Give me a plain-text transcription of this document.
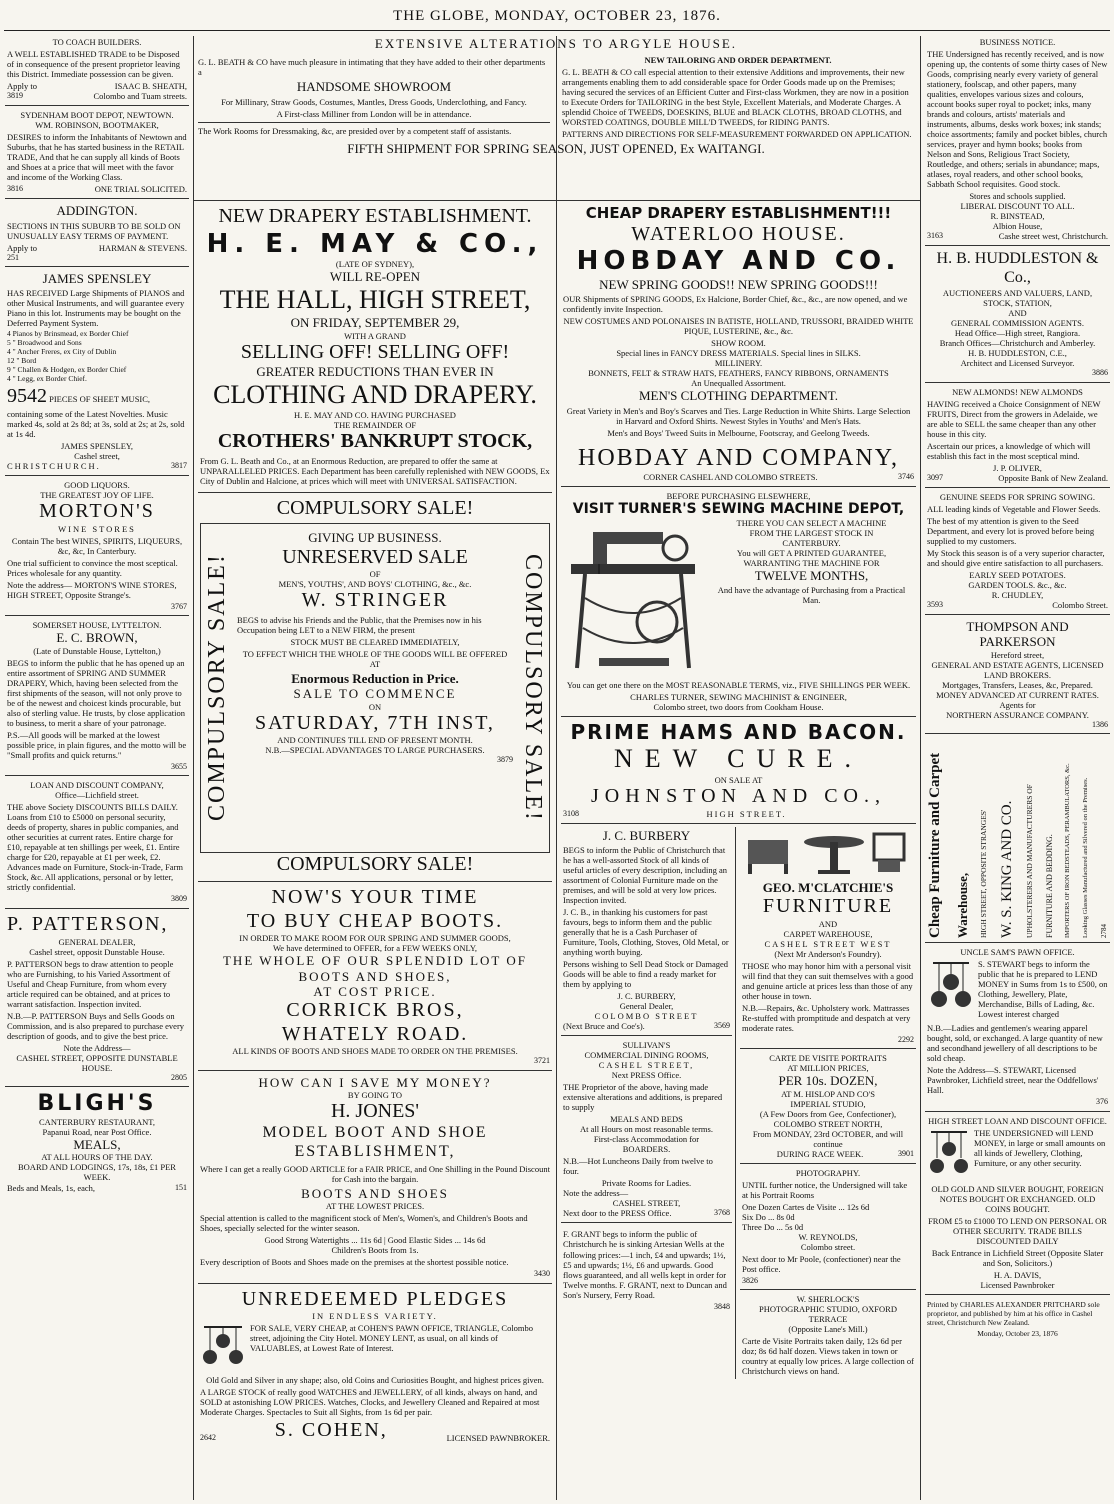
THE GLOBE, MONDAY, OCTOBER 23, 1876.
TO COACH BUILDERS.

A WELL ESTABLISHED TRADE to be Disposed of in consequence of the present proprietor leaving this District. Immediate possession can be given.

Apply to	ISAAC B. SHEATH,
3819	Colombo and Tuam streets.
SYDENHAM BOOT DEPOT, NEWTOWN.
WM. ROBINSON, BOOTMAKER,

DESIRES to inform the Inhabitants of Newtown and Suburbs, that he has started business in the RETAIL TRADE, And that he can supply all kinds of Boots and Shoes at a price that will meet with the favor and income of the Working Class.

3816	ONE TRIAL SOLICITED.
ADDINGTON.

SECTIONS IN THIS SUBURB TO BE SOLD ON UNUSUALLY EASY TERMS OF PAYMENT.

Apply to	HARMAN & STEVENS.
251
JAMES SPENSLEY

HAS RECEIVED Large Shipments of PIANOS and other Musical Instruments, and will guarantee every Piano in this lot. Instruments may be bought on the Deferred Payment System.

4 Pianos by Brinsmead, ex Border Chief
5 " Broadwood and Sons
4 " Ancher Freres, ex City of Dublin
12 " Bord
9 " Challen & Hodgen, ex Border Chief
4 " Legg, ex Border Chief.

9542 PIECES OF SHEET MUSIC, containing some of the Latest Novelties. Music marked 4s, sold at 2s 8d; at 3s, sold at 2s; at 2s, sold at 1s 4d.

JAMES SPENSLEY,
Cashel street,
CHRISTCHURCH.	3817
GOOD LIQUORS.
THE GREATEST JOY OF LIFE.
MORTON'S
WINE STORES

Contain The best WINES, SPIRITS, LIQUEURS, &c, &c, In Canterbury.

One trial sufficient to convince the most sceptical. Prices wholesale for any quantity.

Note the address— MORTON'S WINE STORES, HIGH STREET, Opposite Strange's.

3767
SOMERSET HOUSE, LYTTELTON.
E. C. BROWN,
(Late of Dunstable House, Lyttelton,)

BEGS to inform the public that he has opened up an entire assortment of SPRING AND SUMMER DRAPERY, Which, having been selected from the first shipments of the season, will not only prove to be of the newest and choicest kinds procurable, but also of sterling value. He trusts, by close application to business, to merit a share of your patronage.

P.S.—All goods will be marked at the lowest possible price, in plain figures, and the motto will be "Small profits and quick returns."

3655
LOAN AND DISCOUNT COMPANY,
Office—Lichfield street.

THE above Society DISCOUNTS BILLS DAILY. Loans from £10 to £5000 on personal security, deeds of property, shares in public companies, and other securities at current rates. Entire charge for £10, repayable at ten shillings per week, £1. Entire charge for £20, repayable at £1 per week, £2. Advances made on Furniture, Stock-in-Trade, Farm Stock, &c. All applications, personal or by letter, strictly confidential.

3809
P. PATTERSON,
GENERAL DEALER,
Cashel street, opposit Dunstable House.

P. PATTERSON begs to draw attention to people who are Furnishing, to his Varied Assortment of Useful and Cheap Furniture, from whom every article required can be obtained, and at prices to warrant satisfaction. Inspection invited.

N.B.—P. PATTERSON Buys and Sells Goods on Commission, and is also prepared to purchase every description of goods, and to give the best price.

Note the Address—
CASHEL STREET, OPPOSITE DUNSTABLE HOUSE.
2805
BLIGH'S
CANTERBURY RESTAURANT,
Papanui Road, near Post Office.
MEALS,
AT ALL HOURS OF THE DAY.
BOARD AND LODGINGS, 17s, 18s, £1 PER WEEK.
Beds and Meals, 1s, each,	151
EXTENSIVE ALTERATIONS TO ARGYLE HOUSE.

G. L. BEATH & CO have much pleasure in intimating that they have added to their other departments a

HANDSOME SHOWROOM

For Millinary, Straw Goods, Costumes, Mantles, Dress Goods, Underclothing, and Fancy.

A First-class Milliner from London will be in attendance.

The Work Rooms for Dressmaking, &c, are presided over by a competent staff of assistants.

NEW TAILORING AND ORDER DEPARTMENT.

G. L. BEATH & CO call especial attention to their extensive Additions and improvements, their new arrangements enabling them to add considerable space for Order Goods made up on the Premises; having secured the services of an Efficient Cutter and First-class Workmen, they are now in a position to Execute Orders for TAILORING in the best Style, Excellent Materials, and Moderate Charges. A splendid Choice of TWEEDS, DOESKINS, BLUE and BLACK CLOTHS, BROAD CLOTHS, and WORSTED COATINGS, DOUBLE MILL'D TWEEDS, for RIDING PANTS.

PATTERNS AND DIRECTIONS FOR SELF-MEASUREMENT FORWARDED ON APPLICATION.

FIFTH SHIPMENT FOR SPRING SEASON, JUST OPENED, Ex WAITANGI.
NEW DRAPERY ESTABLISHMENT.
H. E. MAY & CO.,
(LATE OF SYDNEY),
WILL RE-OPEN
THE HALL, HIGH STREET,
ON FRIDAY, SEPTEMBER 29,
WITH A GRAND
SELLING OFF! SELLING OFF!
GREATER REDUCTIONS THAN EVER IN
CLOTHING AND DRAPERY.
H. E. MAY AND CO. HAVING PURCHASED
THE REMAINDER OF
CROTHERS' BANKRUPT STOCK,

From G. L. Beath and Co., at an Enormous Reduction, are prepared to offer the same at UNPARALLELED PRICES. Each Department has been carefully replenished with NEW GOODS, Ex City of Dublin and Halcione, at prices which will meet with UNIVERSAL SATISFACTION.

COMPULSORY SALE!
COMPULSORY SALE!	COMPULSORY SALE!
GIVING UP BUSINESS.
UNRESERVED SALE
OF
MEN'S, YOUTHS', AND BOYS' CLOTHING, &c., &c.
W. STRINGER

BEGS to advise his Friends and the Public, that the Premises now in his Occupation being LET to a NEW FIRM, the present

STOCK MUST BE CLEARED IMMEDIATELY,

TO EFFECT WHICH THE WHOLE OF THE GOODS WILL BE OFFERED AT

Enormous Reduction in Price.
SALE TO COMMENCE
ON
SATURDAY, 7TH INST,
AND CONTINUES TILL END OF PRESENT MONTH.
N.B.—SPECIAL ADVANTAGES TO LARGE PURCHASERS.
3879
COMPULSORY SALE!
NOW'S YOUR TIME
TO BUY CHEAP BOOTS.
IN ORDER TO MAKE ROOM FOR OUR SPRING AND SUMMER GOODS,
We have determined to OFFER, for a FEW WEEKS ONLY,
THE WHOLE OF OUR SPLENDID LOT OF
BOOTS AND SHOES,
AT COST PRICE.
CORRICK BROS,
WHATELY ROAD.
ALL KINDS OF BOOTS AND SHOES MADE TO ORDER ON THE PREMISES.
3721
HOW CAN I SAVE MY MONEY?
BY GOING TO
H. JONES'
MODEL BOOT AND SHOE ESTABLISHMENT,

Where I can get a really GOOD ARTICLE for a FAIR PRICE, and One Shilling in the Pound Discount for Cash into the bargain.

BOOTS AND SHOES
AT THE LOWEST PRICES.

Special attention is called to the magnificent stock of Men's, Women's, and Children's Boots and Shoes, specially selected for the winter season.

Good Strong Watertights ... 11s 6d | Good Elastic Sides ... 14s 6d
Children's Boots from 1s.

Every description of Boots and Shoes made on the premises at the shortest possible notice.

3430
UNREDEEMED PLEDGES
IN ENDLESS VARIETY.

FOR SALE, VERY CHEAP, at COHEN'S PAWN OFFICE, TRIANGLE, Colombo street, adjoining the City Hotel. MONEY LENT, as usual, on all kinds of VALUABLES, at Lowest Rate of Interest.

Old Gold and Silver in any shape; also, old Coins and Curiosities Bought, and highest prices given.

A LARGE STOCK of really good WATCHES and JEWELLERY, of all kinds, always on hand, and SOLD at astonishing LOW PRICES. Watches, Clocks, and Jewellery Cleaned and Repaired at most Moderate Charges. Spectacles to Suit all Sights, from 1s 6d per pair.

2642	S. COHEN,	LICENSED PAWNBROKER.
CHEAP DRAPERY ESTABLISHMENT!!!
WATERLOO HOUSE.
HOBDAY AND CO.
NEW SPRING GOODS!! NEW SPRING GOODS!!!

OUR Shipments of SPRING GOODS, Ex Halcione, Border Chief, &c., &c., are now opened, and we confidently invite Inspection.

NEW COSTUMES AND POLONAISES IN BATISTE, HOLLAND, TRUSSORI, BRAIDED WHITE PIQUE, LUSTERINE, &c., &c.

SHOW ROOM.
Special lines in FANCY DRESS MATERIALS. Special lines in SILKS.
MILLINERY.
BONNETS, FELT & STRAW HATS, FEATHERS, FANCY RIBBONS, ORNAMENTS
An Unequalled Assortment.
MEN'S CLOTHING DEPARTMENT.

Great Variety in Men's and Boy's Scarves and Ties. Large Reduction in White Shirts. Large Selection in Harvard and Oxford Shirts. Newest Styles in Youths' and Men's Hats.

Men's and Boys' Tweed Suits in Melbourne, Footscray, and Geelong Tweeds.
HOBDAY AND COMPANY,
CORNER CASHEL AND COLOMBO STREETS.	3746
BEFORE PURCHASING ELSEWHERE,
VISIT TURNER'S SEWING MACHINE DEPOT,
THERE YOU CAN SELECT A MACHINE
FROM THE LARGEST STOCK IN
CANTERBURY.
You will GET A PRINTED GUARANTEE,
WARRANTING THE MACHINE FOR
TWELVE MONTHS,

And have the advantage of Purchasing from a Practical Man.

You can get one there on the MOST REASONABLE TERMS, viz., FIVE SHILLINGS PER WEEK.

CHARLES TURNER, SEWING MACHINIST & ENGINEER,
Colombo street, two doors from Cookham House.
PRIME HAMS AND BACON.
NEW CURE.
ON SALE AT
JOHNSTON AND CO.,
3108	HIGH STREET.
J. C. BURBERY

BEGS to inform the Public of Christchurch that he has a well-assorted Stock of all kinds of useful articles of every description, including an assortment of Colonial Furniture made on the premises, and will be sold at very low prices. Inspection invited.

J. C. B., in thanking his customers for past favours, begs to inform them and the public generally that he is a Cash Purchaser of Furniture, Tools, Clothing, Stoves, Old Metal, or anything worth buying.

Persons wishing to Sell Dead Stock or Damaged Goods will be able to find a ready market for them by applying to

J. C. BURBERY,
General Dealer,
COLOMBO STREET
(Next Bruce and Coe's).	3569
SULLIVAN'S
COMMERCIAL DINING ROOMS,
CASHEL STREET,
Next PRESS Office.

THE Proprietor of the above, having made extensive alterations and additions, is prepared to supply

MEALS AND BEDS
At all Hours on most reasonable terms.
First-class Accommodation for
BOARDERS.

N.B.—Hot Luncheons Daily from twelve to four.

Private Rooms for Ladies.
Note the address—
CASHEL STREET,
Next door to the PRESS Office.	3768

F. GRANT begs to inform the public of Christchurch he is sinking Artesian Wells at the following prices:—1 inch, £4 and upwards; 1½, £5 and upwards; 1½, £6 and upwards. Good flows guaranteed, and all wells kept in order for Twelve months. F. GRANT, next to Duncan and Son's Nursery, Ferry Road.

3848
GEO. M'CLATCHIE'S
FURNITURE
AND
CARPET WAREHOUSE,
CASHEL STREET WEST
(Next Mr Anderson's Foundry).

THOSE who may honor him with a personal visit will find that they can suit themselves with a good and genuine article at prices less than those of any other house in town.

N.B.—Repairs, &c. Upholstery work. Mattrasses Re-stuffed with promptitude and despatch at very moderate rates.

2292
CARTE DE VISITE PORTRAITS
AT MILLION PRICES,
PER 10s. DOZEN,
AT M. HISLOP AND CO'S
IMPERIAL STUDIO,
(A Few Doors from Gee, Confectioner),
COLOMBO STREET NORTH,
From MONDAY, 23rd OCTOBER, and will continue
DURING RACE WEEK.	3901
PHOTOGRAPHY.

UNTIL further notice, the Undersigned will take at his Portrait Rooms

One Dozen Cartes de Visite ... 12s 6d
Six Do ... 8s 0d
Three Do ... 5s 0d
W. REYNOLDS,
Colombo street.

Next door to Mr Poole, (confectioner) near the Post office.

3826
W. SHERLOCK'S
PHOTOGRAPHIC STUDIO, OXFORD TERRACE
(Opposite Lane's Mill.)

Carte de Visite Portraits taken daily, 12s 6d per doz; 8s 6d half dozen. Views taken in town or country at equally low prices. A large collection of Christchurch views on hand.

BUSINESS NOTICE.

THE Undersigned has recently received, and is now opening up, the contents of some thirty cases of New Goods, comprising nearly every variety of general stationery, foolscap, and other papers, many qualities, envelopes various sizes and colours, account books super royal to pocket; inks, many brands and colours, artists' materials and instruments, albums, desks work boxes; ink stands; choice assortments; family and pocket bibles, church services, prayer and hymn books; books from Nelson and Sons, Religious Tract Society, Routledge, and others; serials in abundance; maps, atlases, royal readers, and other school books, Sabbath School requisites. Good stock.

Stores and schools supplied.
LIBERAL DISCOUNT TO ALL.
R. BINSTEAD,
Albion House,
3163	Cashe street west, Christchurch.
H. B. HUDDLESTON & Co.,
AUCTIONEERS AND VALUERS, LAND, STOCK, STATION,
AND
GENERAL COMMISSION AGENTS.
Head Office—High street, Rangiora.
Branch Offices—Christchurch and Amberley.
H. B. HUDDLESTON, C.E.,
Architect and Licensed Surveyor.
3886
NEW ALMONDS! NEW ALMONDS

HAVING received a Choice Consignment of NEW FRUITS, Direct from the growers in Adelaide, we are able to SELL the same cheaper than any other house in this city.

Ascertain our prices, a knowledge of which will establish this fact in the most sceptical mind.

J. P. OLIVER,
3097	Opposite Bank of New Zealand.
GENUINE SEEDS FOR SPRING SOWING.

ALL leading kinds of Vegetable and Flower Seeds.

The best of my attention is given to the Seed Department, and every lot is proved before being supplied to my customers.

My Stock this season is of a very superior character, and should give entire satisfaction to all purchasers.

EARLY SEED POTATOES.
GARDEN TOOLS. &c., &c.
R. CHUDLEY,
3593	Colombo Street.
THOMPSON AND PARKERSON
Hereford street,
GENERAL AND ESTATE AGENTS, LICENSED LAND BROKERS.
Mortgages, Transfers, Leases, &c, Prepared.
MONEY ADVANCED AT CURRENT RATES.
Agents for
NORTHERN ASSURANCE COMPANY.
1386
Cheap Furniture and Carpet Warehouse, HIGH STREET, OPPOSITE STRANGES' W. S. KING AND CO. UPHOLSTERERS AND MANUFACTURERS OF FURNITURE AND BEDDING. IMPORTERS OF IRON BEDSTEADS, PERAMBULATORS, &c. Looking Glasses Manufactured and Silvered on the Premises. 2784
UNCLE SAM'S PAWN OFFICE.

S. STEWART begs to inform the public that he is prepared to LEND MONEY in Sums from 1s to £500, on Clothing, Jewellery, Plate, Merchandise, Bills of Lading, &c. Lowest interest charged

N.B.—Ladies and gentlemen's wearing apparel bought, sold, or exchanged. A large quantity of new and secondhand jewellery of all descriptions to be sold cheap.

Note the Address—S. STEWART, Licensed Pawnbroker, Lichfield street, near the Oddfellows' Hall.

376
HIGH STREET LOAN AND DISCOUNT OFFICE.

THE UNDERSIGNED will LEND MONEY, in large or small amounts on all kinds of Jewellery, Clothing, Furniture, or any other security.

OLD GOLD AND SILVER BOUGHT, FOREIGN NOTES BOUGHT OR EXCHANGED. OLD COINS BOUGHT.

FROM £5 to £1000 TO LEND ON PERSONAL OR OTHER SECURITY. TRADE BILLS DISCOUNTED DAILY

Back Entrance in Lichfield Street (Opposite Slater and Son, Solicitors.)

H. A. DAVIS,
Licensed Pawnbroker

Printed by CHARLES ALEXANDER PRITCHARD sole proprietor, and published by him at his office in Cashel street, Christchurch New Zealand.

Monday, October 23, 1876
